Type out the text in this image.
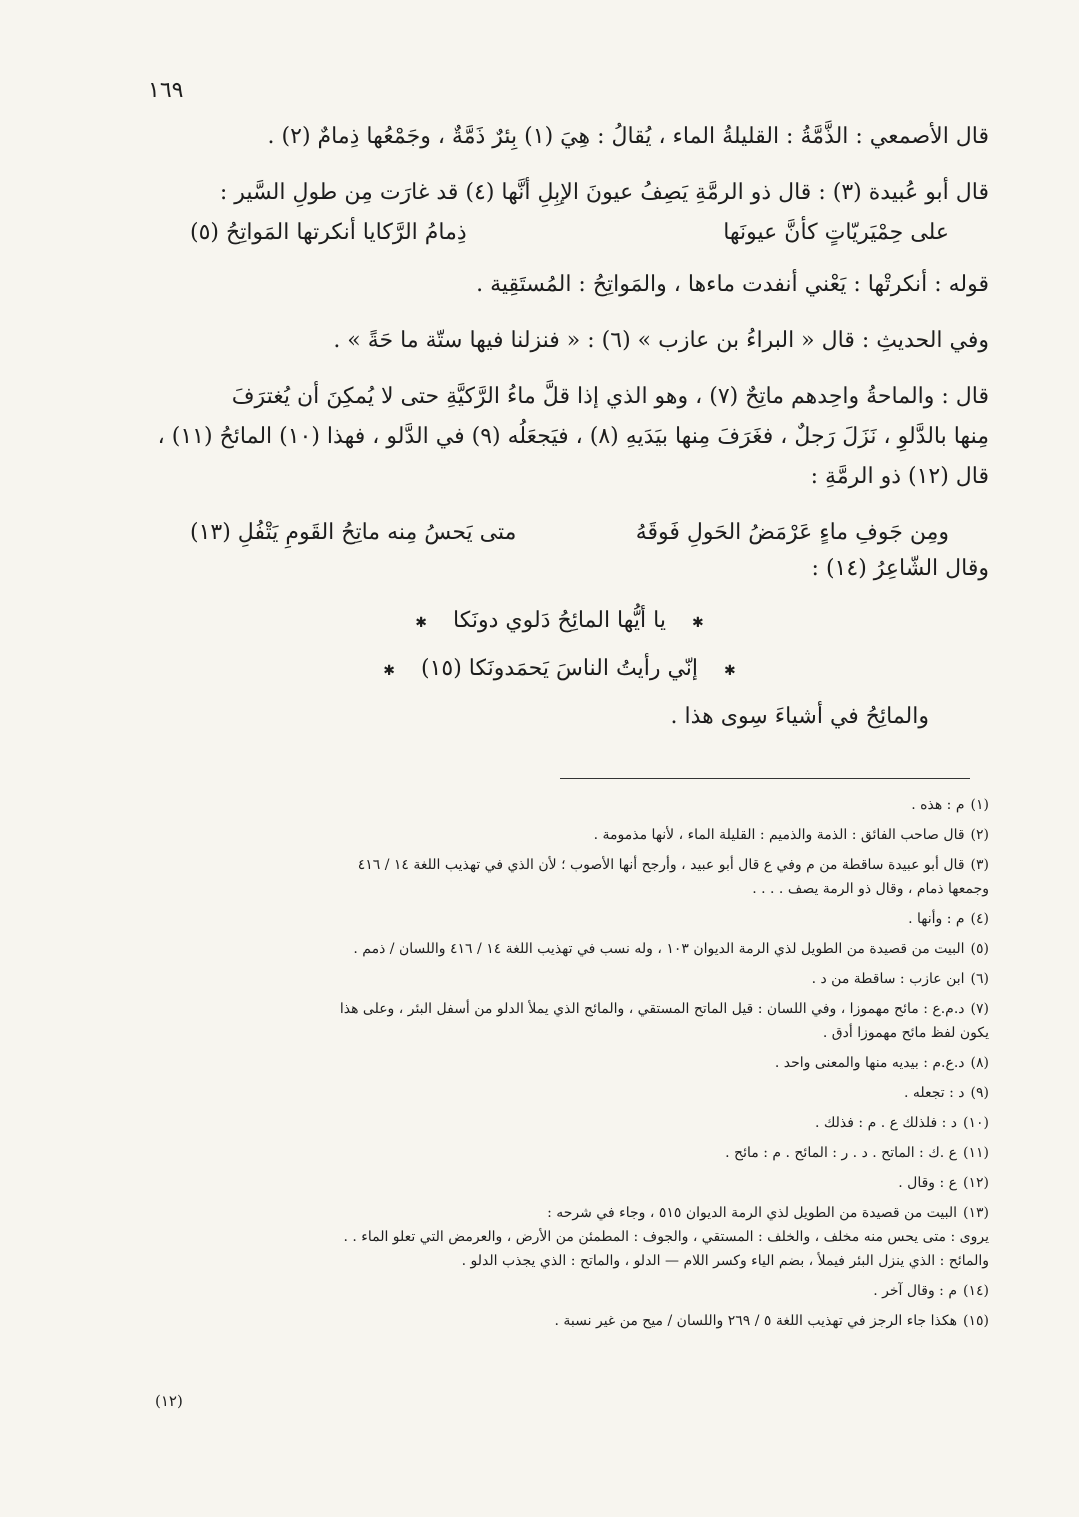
١٦٩
قال الأصمعي : الذَّمَّةُ : القليلةُ الماء ، يُقالُ : هِيَ (١) بِئرٌ ذَمَّةٌ ، وجَمْعُها ذِمامٌ (٢) .
قال أبو عُبيدة (٣) : قال ذو الرمَّةِ يَصِفُ عيونَ الإبِلِ أنَّها (٤) قد غارَت مِن طولِ السَّير :
على حِمْيَريّاتٍ كأنَّ عيونَها
ذِمامُ الرَّكايا أنكرتها المَواتِحُ (٥)
قوله : أنكرتْها : يَعْني أنفدت ماءها ، والمَواتِحُ : المُستَقِية .
وفي الحديثِ : قال « البراءُ بن عازب » (٦) : « فنزلنا فيها ستّة ما حَةً » .
قال : والماحةُ واحِدهم ماتِحٌ (٧) ، وهو الذي إذا قلَّ ماءُ الرَّكيَّةِ حتى لا يُمكِنَ أن يُغترَفَ
مِنها بالدَّلوِ ، نَزَلَ رَجلٌ ، فغَرَفَ مِنها بيَدَيهِ (٨) ، فيَجعَلُه (٩) في الدَّلو ، فهذا (١٠) المائحُ (١١) ،
قال (١٢) ذو الرمَّةِ :
ومِن جَوفِ ماءٍ عَرْمَضُ الحَولِ فَوقَهُ
متى يَحسُ مِنه ماتِحُ القَومِ يَتْفُلِ (١٣)
وقال الشّاعِرُ (١٤) :
✱يا أيُّها المائِحُ دَلوي دونَكا✱
✱إنّي رأيتُ الناسَ يَحمَدونَكا (١٥)✱
والمائِحُ في أشياءَ سِوى هذا .
(١)م : هذه .
(٢)قال صاحب الفائق : الذمة والذميم : القليلة الماء ، لأنها مذمومة .
(٣)قال أبو عبيدة ساقطة من م وفي ع قال أبو عبيد ، وأرجح أنها الأصوب ؛ لأن الذي في تهذيب اللغة ١٤ / ٤١٦
وجمعها ذمام ، وقال ذو الرمة يصف . . . .
(٤)م : وأنها .
(٥)البيت من قصيدة من الطويل لذي الرمة الديوان ١٠٣ ، وله نسب في تهذيب اللغة ١٤ / ٤١٦ واللسان / ذمم .
(٦)ابن عازب : ساقطة من د .
(٧)د.م.ع : مائح مهموزا ، وفي اللسان : قيل الماتح المستقي ، والمائح الذي يملأ الدلو من أسفل البئر ، وعلى هذا
يكون لفظ مائح مهموزا أدق .
(٨)د.ع.م : بيديه منها والمعنى واحد .
(٩)د : تجعله .
(١٠)د : فلذلك ع . م : فذلك .
(١١)ع .ك : الماتح . د . ر : المائح . م : مائح .
(١٢)ع : وقال .
(١٣)البيت من قصيدة من الطويل لذي الرمة الديوان ٥١٥ ، وجاء في شرحه :
يروى : متى يحس منه مخلف ، والخلف : المستقي ، والجوف : المطمئن من الأرض ، والعرمض التي تعلو الماء . .
والمائح : الذي ينزل البئر فيملأ ، بضم الياء وكسر اللام — الدلو ، والماتح : الذي يجذب الدلو .
(١٤)م : وقال آخر .
(١٥)هكذا جاء الرجز في تهذيب اللغة ٥ / ٢٦٩ واللسان / ميح من غير نسبة .
(١٢)
